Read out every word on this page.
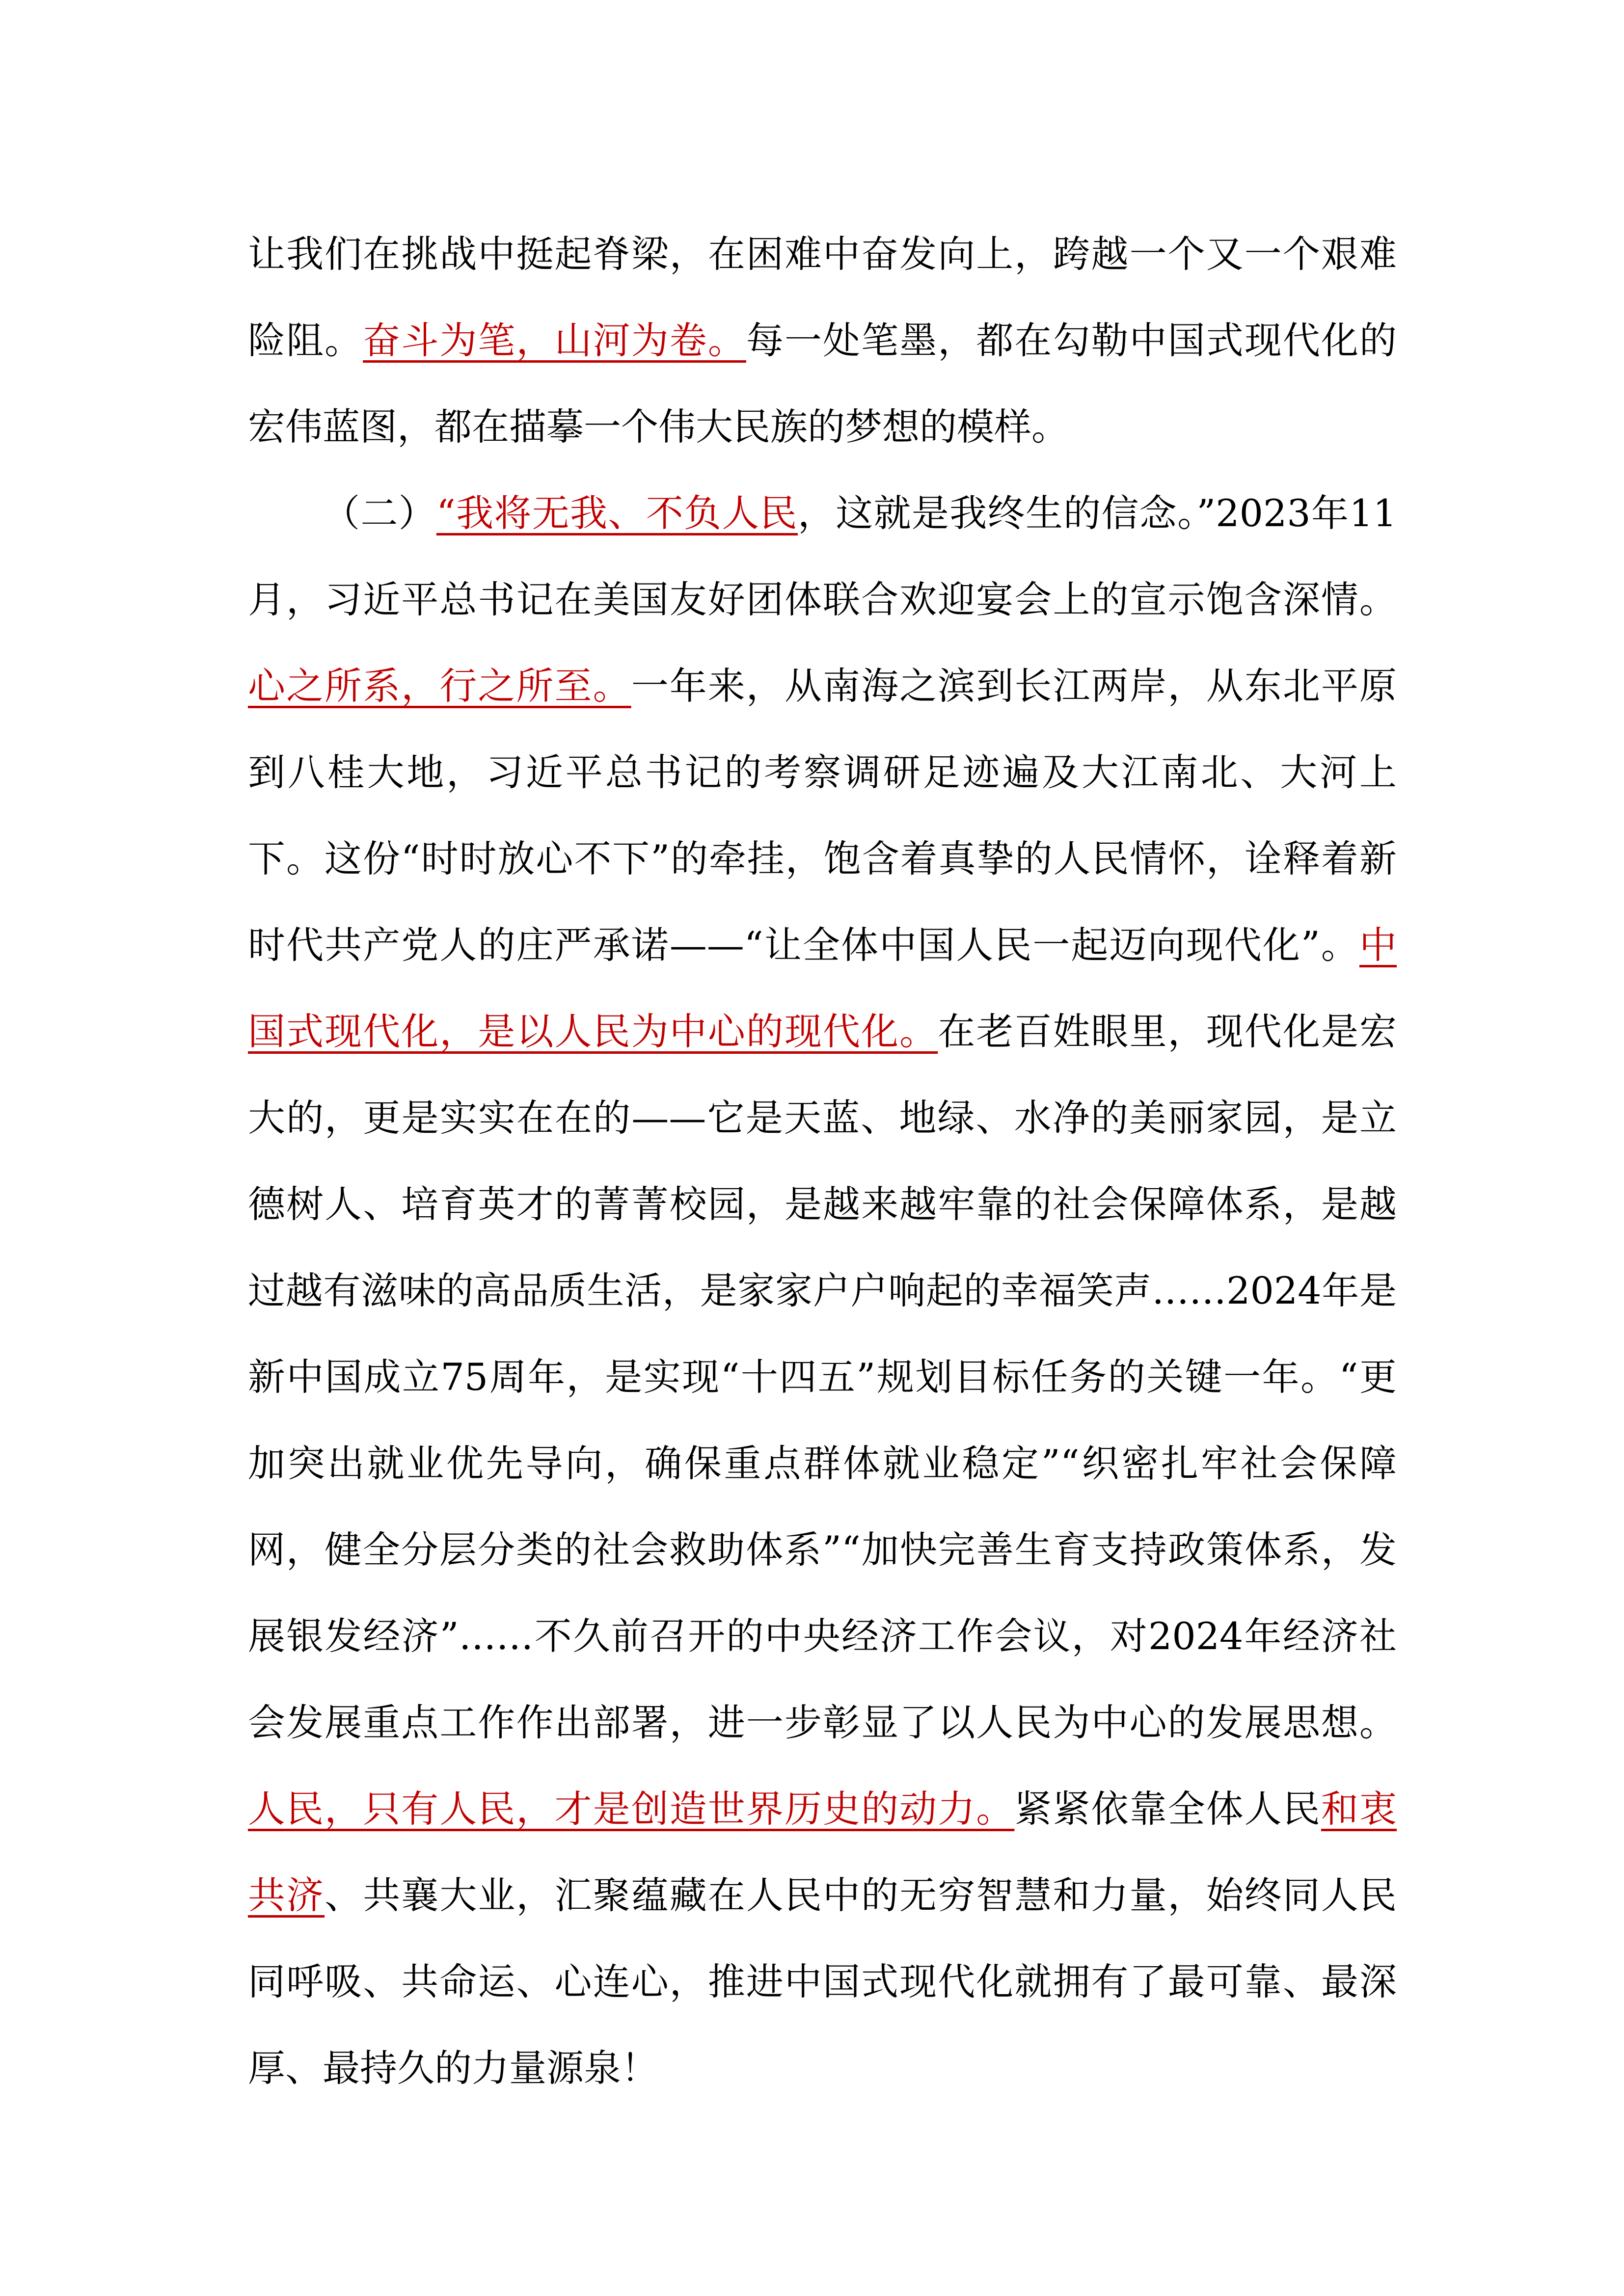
让我们在挑战中挺起脊梁，在困难中奋发向上，跨越一个又一个艰难险阻。奋斗为笔，山河为卷。每一处笔墨，都在勾勒中国式现代化的宏伟蓝图，都在描摹一个伟大民族的梦想的模样。

（二）“我将无我、不负人民，这就是我终生的信念。”2023年11月，习近平总书记在美国友好团体联合欢迎宴会上的宣示饱含深情。心之所系，行之所至。一年来，从南海之滨到长江两岸，从东北平原到八桂大地，习近平总书记的考察调研足迹遍及大江南北、大河上下。这份“时时放心不下”的牵挂，饱含着真挚的人民情怀，诠释着新时代共产党人的庄严承诺——“让全体中国人民一起迈向现代化”。中国式现代化，是以人民为中心的现代化。在老百姓眼里，现代化是宏大的，更是实实在在的——它是天蓝、地绿、水净的美丽家园，是立德树人、培育英才的菁菁校园，是越来越牢靠的社会保障体系，是越过越有滋味的高品质生活，是家家户户响起的幸福笑声……2024年是新中国成立75周年，是实现“十四五”规划目标任务的关键一年。“更加突出就业优先导向，确保重点群体就业稳定”“织密扎牢社会保障网，健全分层分类的社会救助体系”“加快完善生育支持政策体系，发展银发经济”……不久前召开的中央经济工作会议，对2024年经济社会发展重点工作作出部署，进一步彰显了以人民为中心的发展思想。人民，只有人民，才是创造世界历史的动力。紧紧依靠全体人民和衷共济、共襄大业，汇聚蕴藏在人民中的无穷智慧和力量，始终同人民同呼吸、共命运、心连心，推进中国式现代化就拥有了最可靠、最深厚、最持久的力量源泉！
